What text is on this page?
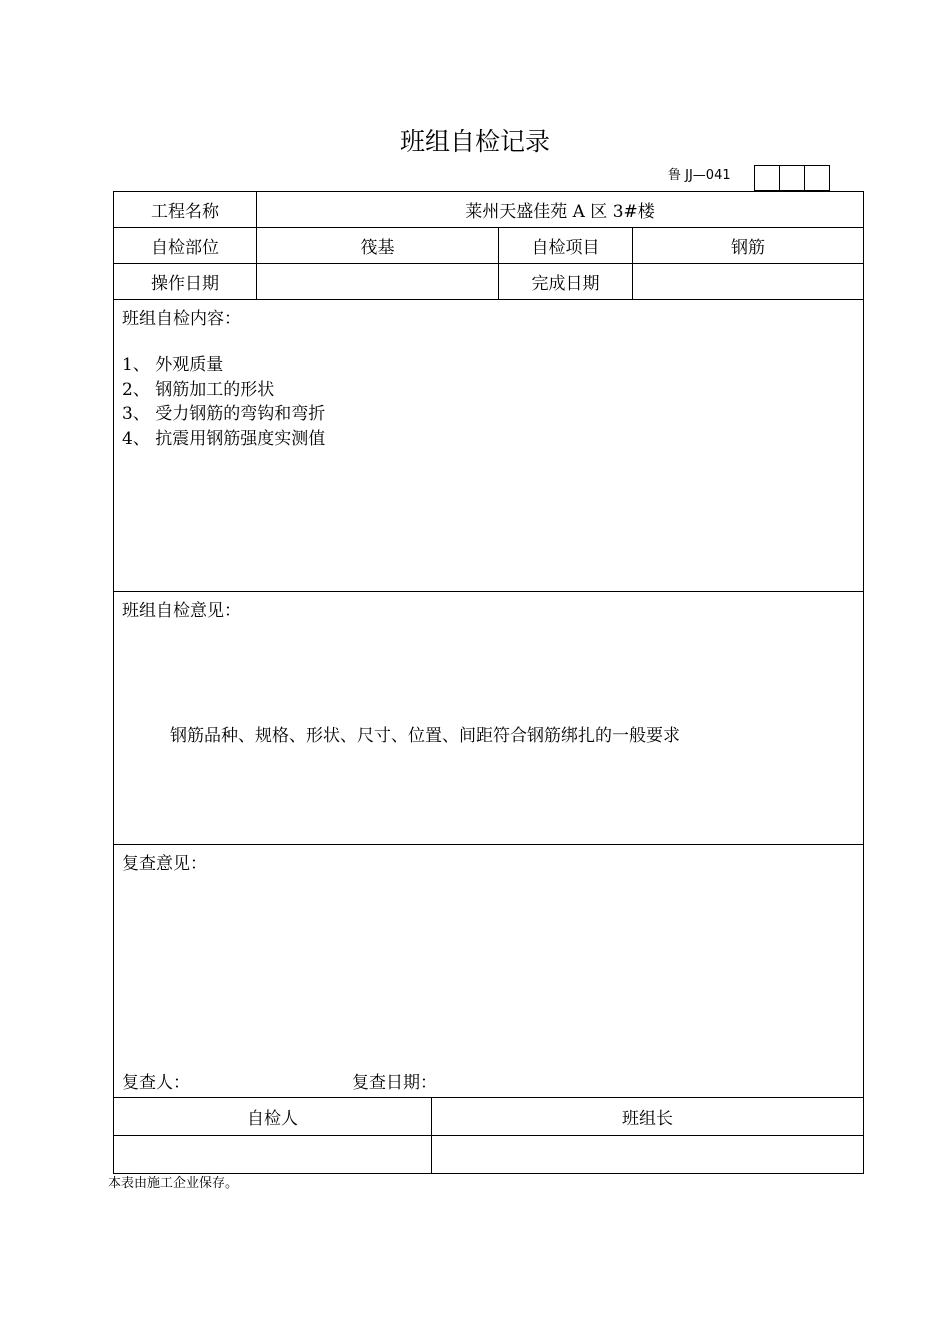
班组自检记录
鲁 JJ—041
工程名称	莱州天盛佳苑 A 区 3#楼		
自检部位	筏基	自检项目	钢筋
操作日期		完成日期	

班组自检内容：
1、 外观质量
2、 钢筋加工的形状
3、 受力钢筋的弯钩和弯折
4、 抗震用钢筋强度实测值			

班组自检意见：
钢筋品种、规格、形状、尺寸、位置、间距符合钢筋绑扎的一般要求			

复查意见：
复查人： 复查日期：			
自检人	班组长

本表由施工企业保存。
